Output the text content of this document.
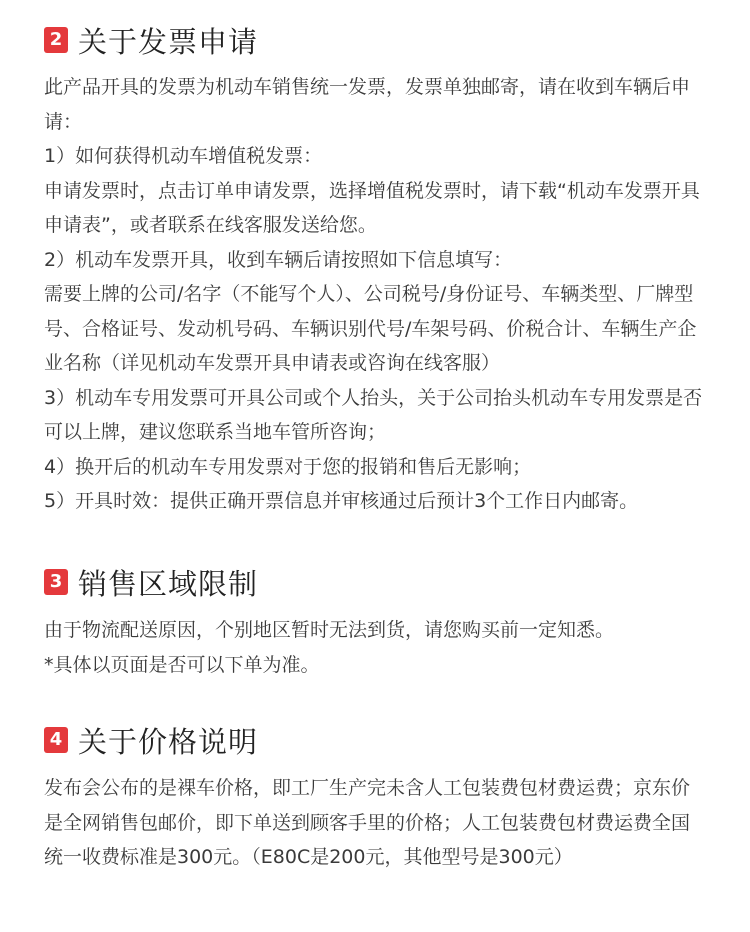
2 关于发票申请

此产品开具的发票为机动车销售统一发票，发票单独邮寄，请在收到车辆后申请：

1）如何获得机动车增值税发票：

申请发票时，点击订单申请发票，选择增值税发票时，请下载“机动车发票开具申请表”，或者联系在线客服发送给您。

2）机动车发票开具，收到车辆后请按照如下信息填写：

需要上牌的公司/名字（不能写个人）、公司税号/身份证号、车辆类型、厂牌型号、合格证号、发动机号码、车辆识别代号/车架号码、价税合计、车辆生产企业名称（详见机动车发票开具申请表或咨询在线客服）

3）机动车专用发票可开具公司或个人抬头，关于公司抬头机动车专用发票是否可以上牌，建议您联系当地车管所咨询；

4）换开后的机动车专用发票对于您的报销和售后无影响；

5）开具时效：提供正确开票信息并审核通过后预计3个工作日内邮寄。

3 销售区域限制

由于物流配送原因，个别地区暂时无法到货，请您购买前一定知悉。

*具体以页面是否可以下单为准。

4 关于价格说明

发布会公布的是裸车价格，即工厂生产完未含人工包装费包材费运费；京东价是全网销售包邮价，即下单送到顾客手里的价格；人工包装费包材费运费全国统一收费标准是300元。（E80C是200元，其他型号是300元）
